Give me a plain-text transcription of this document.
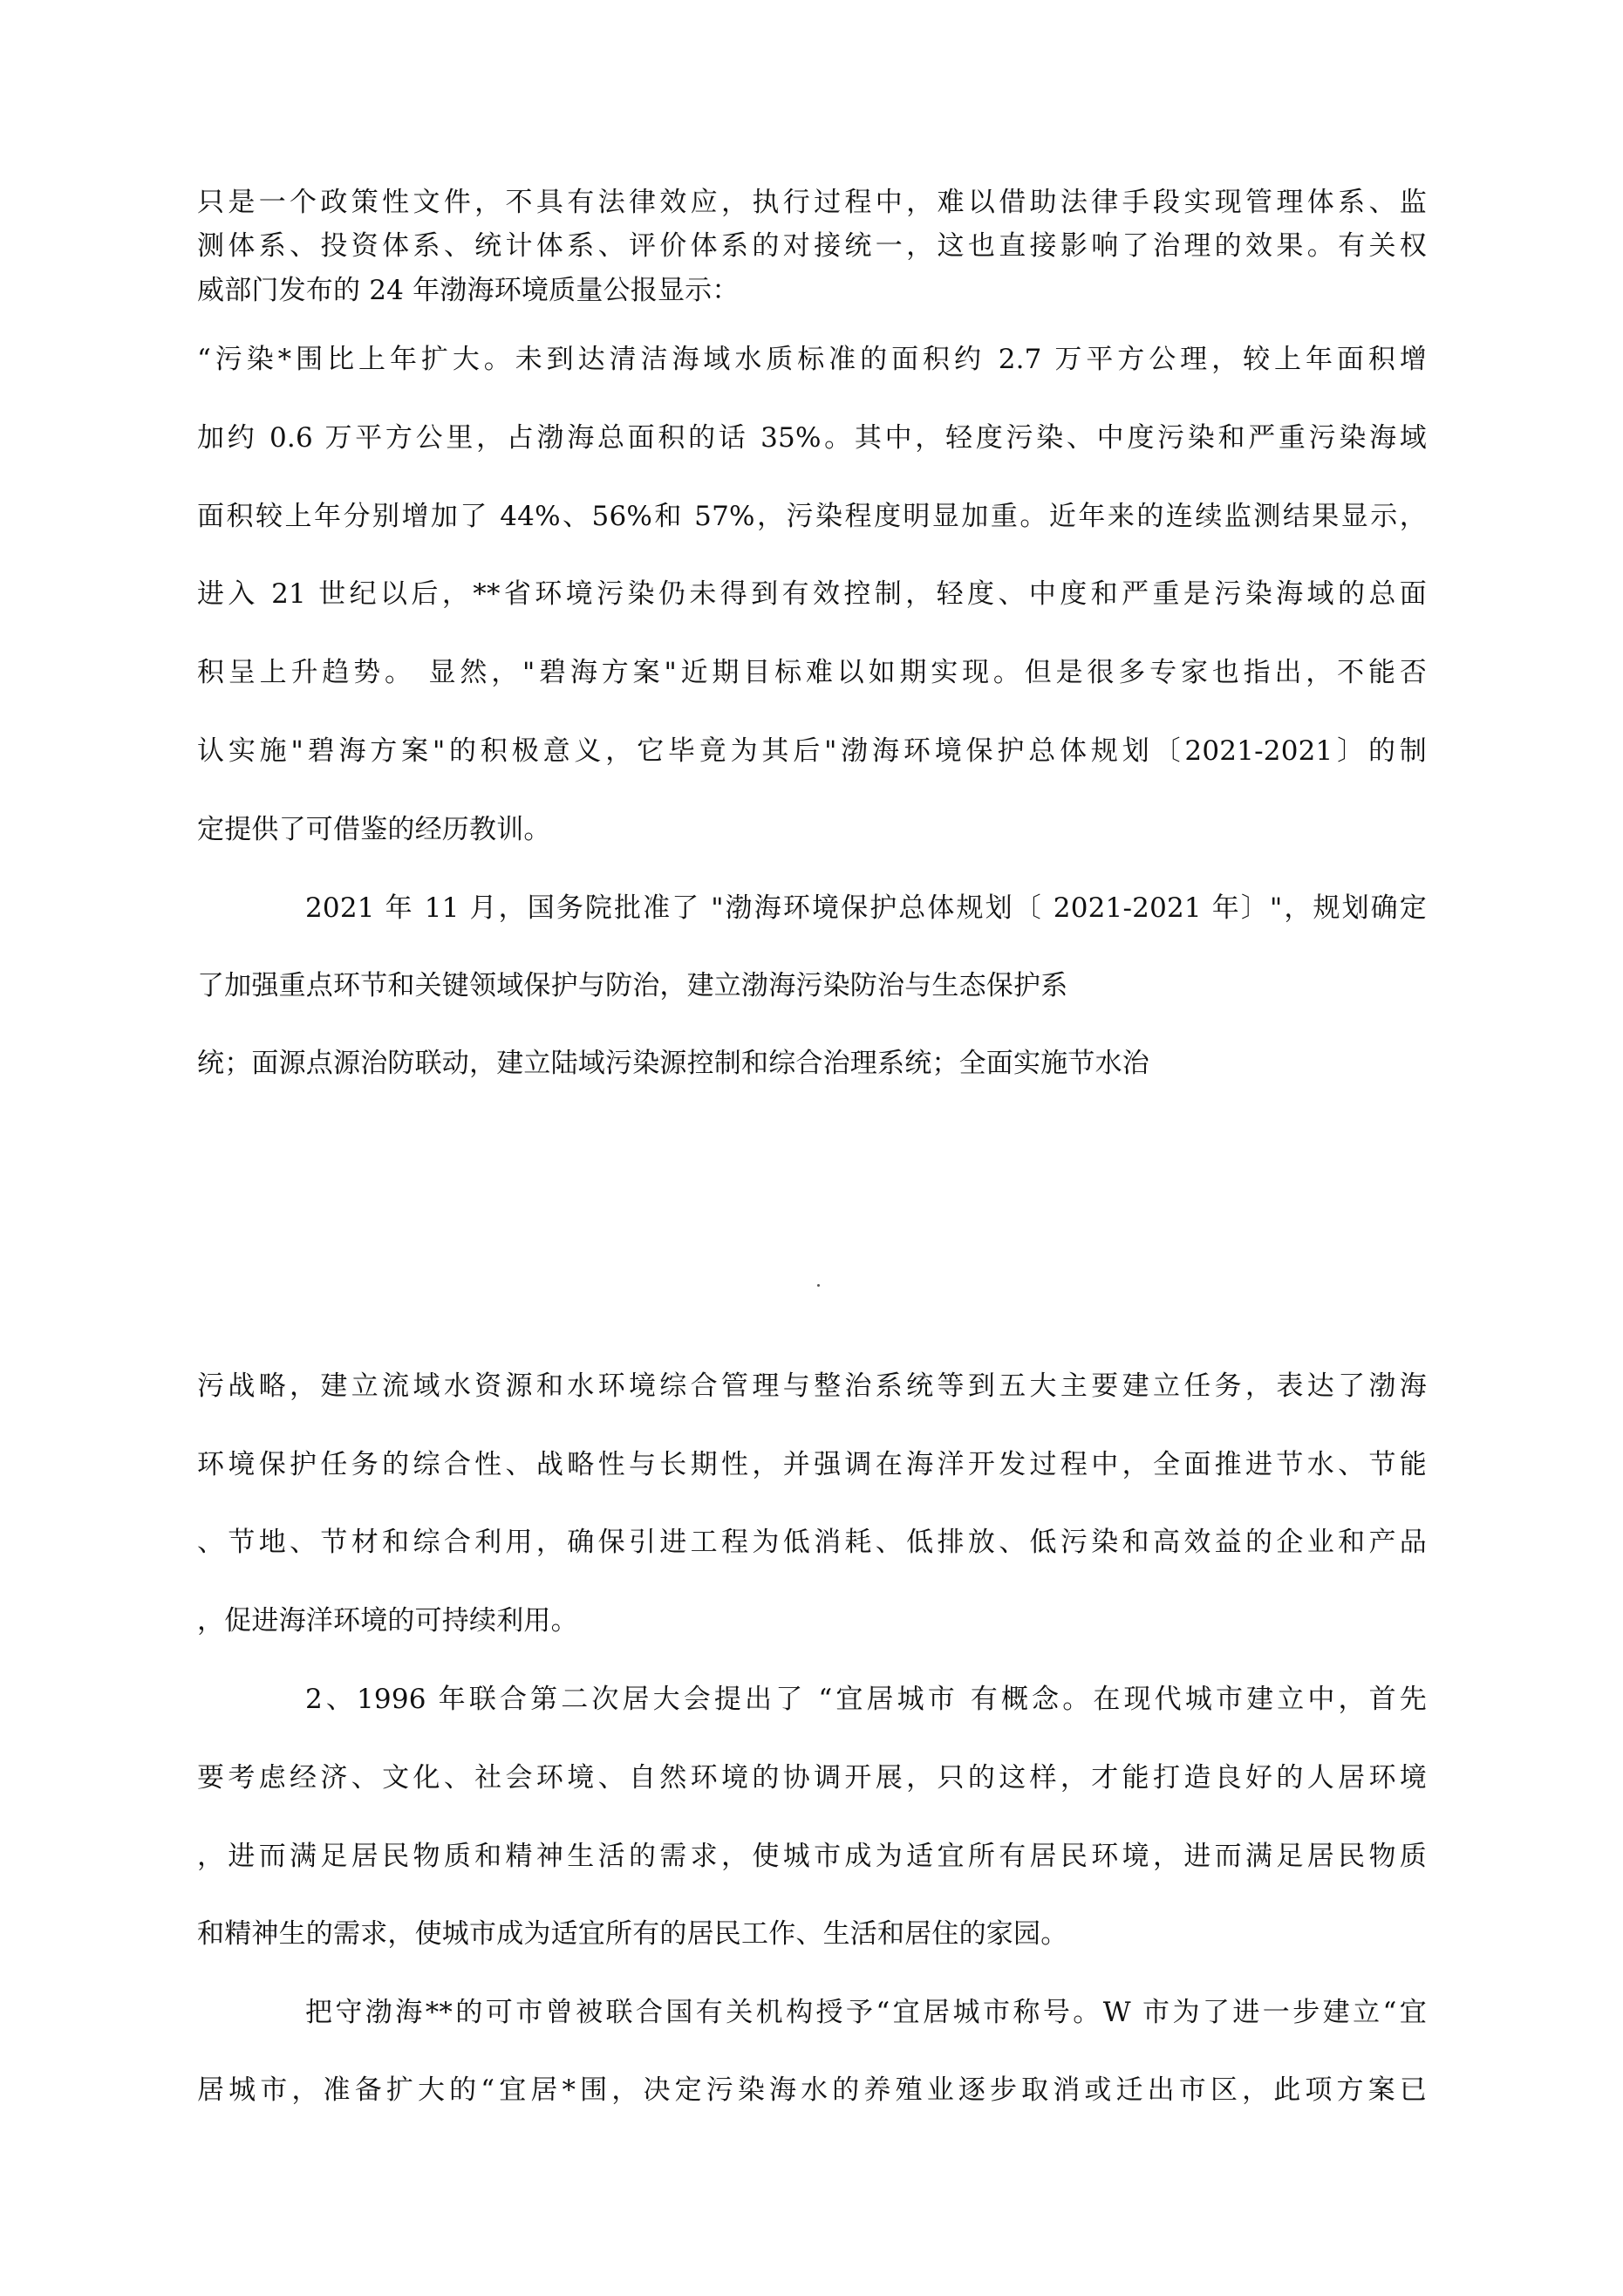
只是一个政策性文件，不具有法律效应，执行过程中，难以借助法律手段实现管理体系、监
测体系、投资体系、统计体系、评价体系的对接统一，这也直接影响了治理的效果。有关权
威部门发布的 24 年渤海环境质量公报显示：
“污染*围比上年扩大。未到达清洁海域水质标准的面积约 2.7 万平方公理，较上年面积增
加约 0.6 万平方公里，占渤海总面积的话 35%。其中，轻度污染、中度污染和严重污染海域
面积较上年分别增加了 44%、56%和 57%，污染程度明显加重。近年来的连续监测结果显示，
进入 21 世纪以后，**省环境污染仍未得到有效控制，轻度、中度和严重是污染海域的总面
积呈上升趋势。 显然，"碧海方案"近期目标难以如期实现。但是很多专家也指出，不能否
认实施"碧海方案"的积极意义，它毕竟为其后"渤海环境保护总体规划〔2021-2021〕的制
定提供了可借鉴的经历教训。
2021 年 11 月，国务院批准了 "渤海环境保护总体规划〔 2021-2021 年〕"，规划确定
了加强重点环节和关键领域保护与防治，建立渤海污染防治与生态保护系
统；面源点源治防联动，建立陆域污染源控制和综合治理系统；全面实施节水治
污战略，建立流域水资源和水环境综合管理与整治系统等到五大主要建立任务，表达了渤海
环境保护任务的综合性、战略性与长期性，并强调在海洋开发过程中，全面推进节水、节能
、节地、节材和综合利用，确保引进工程为低消耗、低排放、低污染和高效益的企业和产品
，促进海洋环境的可持续利用。
2、1996 年联合第二次居大会提出了 “宜居城市 有概念。在现代城市建立中，首先
要考虑经济、文化、社会环境、自然环境的协调开展，只的这样，才能打造良好的人居环境
，进而满足居民物质和精神生活的需求，使城市成为适宜所有居民环境，进而满足居民物质
和精神生的需求，使城市成为适宜所有的居民工作、生活和居住的家园。
把守渤海**的可市曾被联合国有关机构授予“宜居城市称号。W 市为了进一步建立“宜
居城市，准备扩大的“宜居*围，决定污染海水的养殖业逐步取消或迁出市区，此项方案已
